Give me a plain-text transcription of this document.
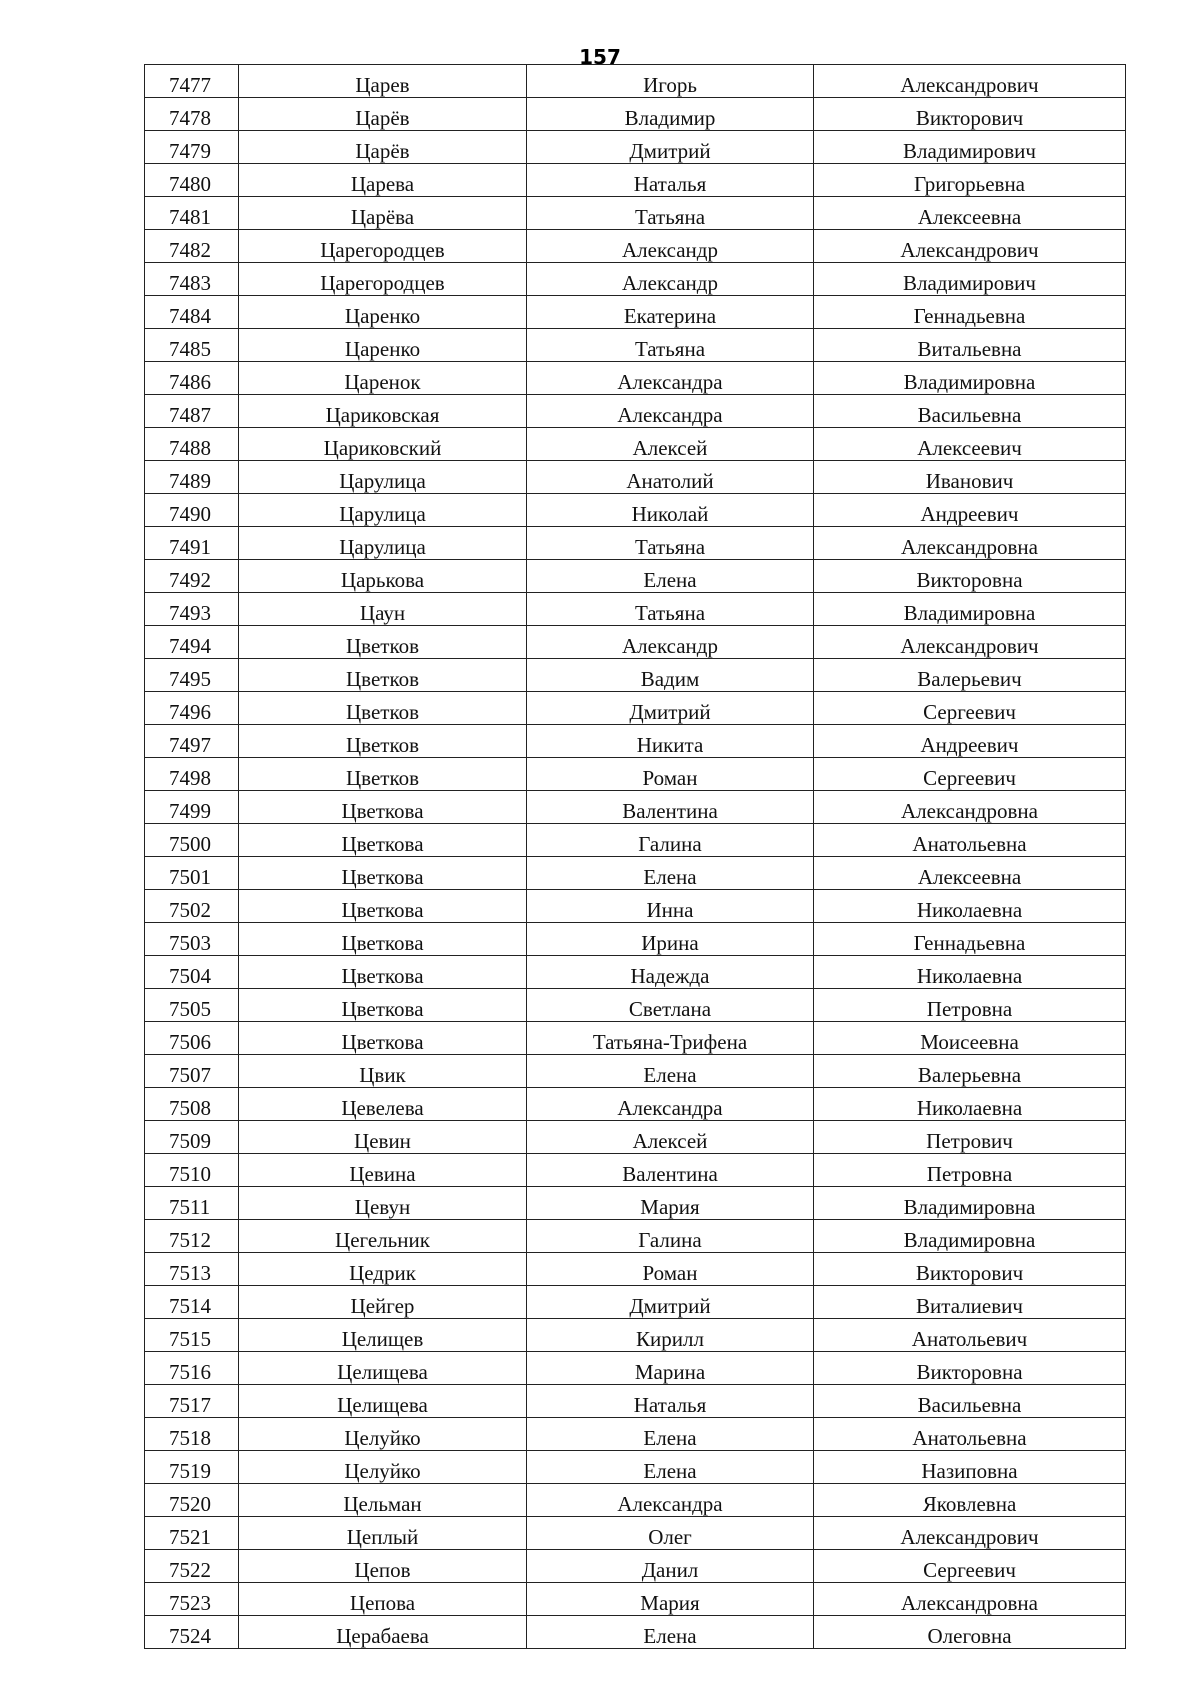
157
7477	Царев	Игорь	Александрович
7478	Царёв	Владимир	Викторович
7479	Царёв	Дмитрий	Владимирович
7480	Царева	Наталья	Григорьевна
7481	Царёва	Татьяна	Алексеевна
7482	Царегородцев	Александр	Александрович
7483	Царегородцев	Александр	Владимирович
7484	Царенко	Екатерина	Геннадьевна
7485	Царенко	Татьяна	Витальевна
7486	Царенок	Александра	Владимировна
7487	Цариковская	Александра	Васильевна
7488	Цариковский	Алексей	Алексеевич
7489	Царулица	Анатолий	Иванович
7490	Царулица	Николай	Андреевич
7491	Царулица	Татьяна	Александровна
7492	Царькова	Елена	Викторовна
7493	Цаун	Татьяна	Владимировна
7494	Цветков	Александр	Александрович
7495	Цветков	Вадим	Валерьевич
7496	Цветков	Дмитрий	Сергеевич
7497	Цветков	Никита	Андреевич
7498	Цветков	Роман	Сергеевич
7499	Цветкова	Валентина	Александровна
7500	Цветкова	Галина	Анатольевна
7501	Цветкова	Елена	Алексеевна
7502	Цветкова	Инна	Николаевна
7503	Цветкова	Ирина	Геннадьевна
7504	Цветкова	Надежда	Николаевна
7505	Цветкова	Светлана	Петровна
7506	Цветкова	Татьяна-Трифена	Моисеевна
7507	Цвик	Елена	Валерьевна
7508	Цевелева	Александра	Николаевна
7509	Цевин	Алексей	Петрович
7510	Цевина	Валентина	Петровна
7511	Цевун	Мария	Владимировна
7512	Цегельник	Галина	Владимировна
7513	Цедрик	Роман	Викторович
7514	Цейгер	Дмитрий	Виталиевич
7515	Целищев	Кирилл	Анатольевич
7516	Целищева	Марина	Викторовна
7517	Целищева	Наталья	Васильевна
7518	Целуйко	Елена	Анатольевна
7519	Целуйко	Елена	Назиповна
7520	Цельман	Александра	Яковлевна
7521	Цеплый	Олег	Александрович
7522	Цепов	Данил	Сергеевич
7523	Цепова	Мария	Александровна
7524	Церабаева	Елена	Олеговна
